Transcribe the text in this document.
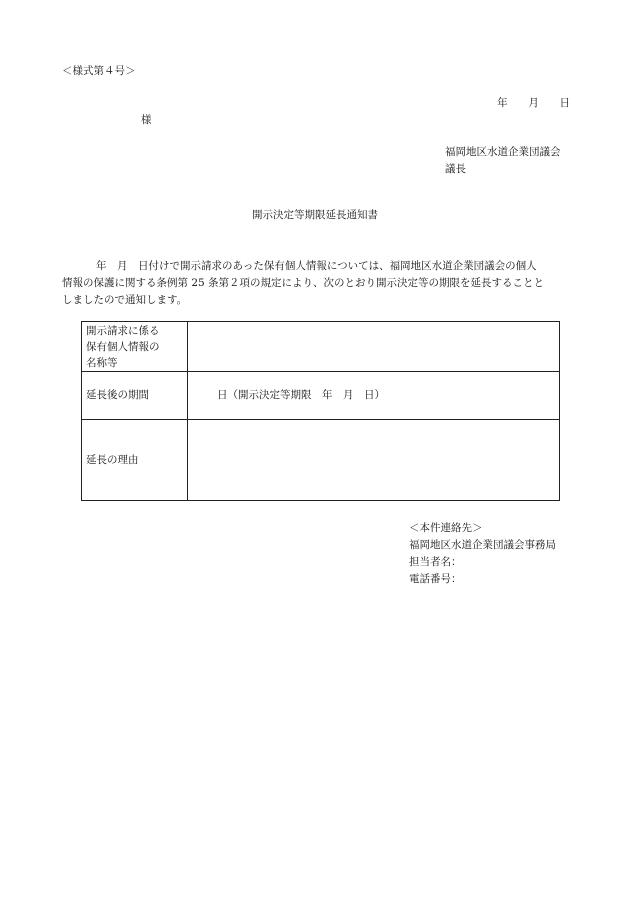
＜様式第４号＞
年 月 日
様
福岡地区水道企業団議会
議長
開示決定等期限延長通知書
年　月　日付けで開示請求のあった保有個人情報については、福岡地区水道企業団議会の個人
情報の保護に関する条例第 25 条第２項の規定により、次のとおり開示決定等の期限を延長することと
しましたので通知します。
開示請求に係る
保有個人情報の
名称等	

延長後の期間	日（開示決定等期限　年　月　日）
延長の理由	
＜本件連絡先＞
福岡地区水道企業団議会事務局
担当者名：
電話番号：
